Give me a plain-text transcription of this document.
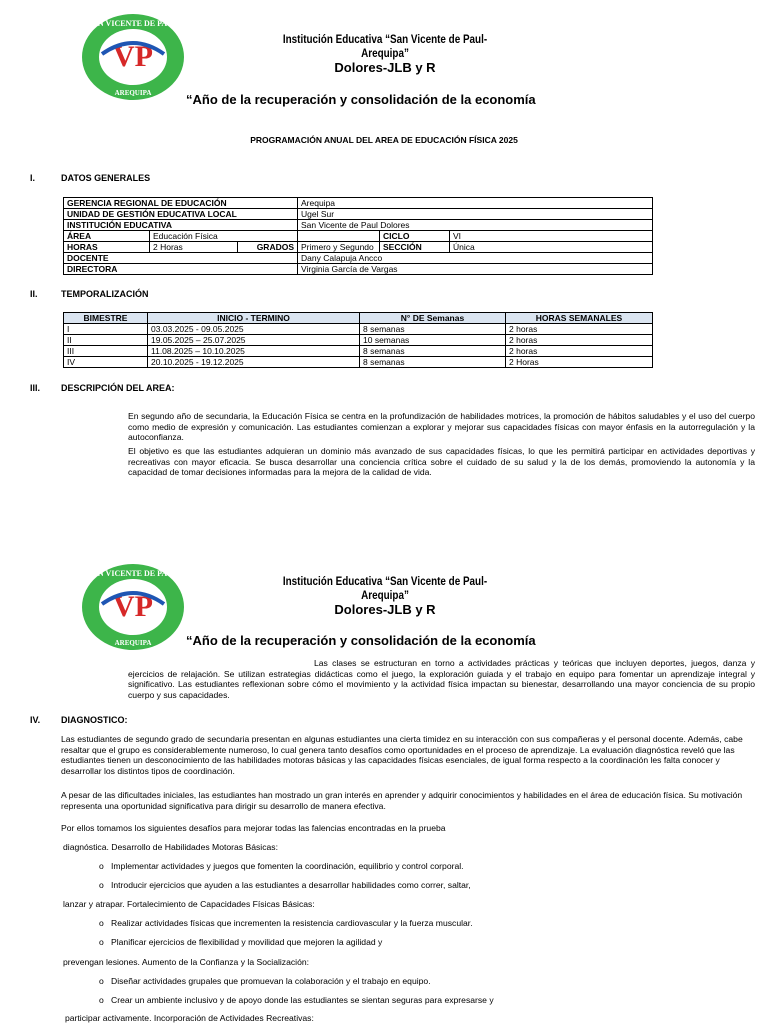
VP
SAN VICENTE DE PAUL
AREQUIPA
Institución Educativa “San Vicente de Paul-
Arequipa”
Dolores-JLB y R
“Año de la recuperación y consolidación de la economía
PROGRAMACIÓN ANUAL DEL AREA DE EDUCACIÓN FÍSICA 2025
I.	DATOS GENERALES
GERENCIA REGIONAL DE EDUCACIÓN			Arequipa		
UNIDAD DE GESTIÓN EDUCATIVA LOCAL			Ugel Sur		
INSTITUCIÓN EDUCATIVA			San Vicente de Paul Dolores		
ÁREA	Educación Física			CICLO	VI
HORAS	2 Horas	GRADOS	Primero y Segundo	SECCIÓN	Única
DOCENTE			Dany Calapuja Ancco		
DIRECTORA			Virginia García de Vargas		
II.	TEMPORALIZACIÓN
BIMESTRE	INICIO - TERMINO	N° DE Semanas	HORAS SEMANALES
I	03.03.2025 - 09.05.2025	8 semanas	2 horas
II	19.05.2025 – 25.07.2025	10 semanas	2 horas
III	11.08.2025 – 10.10.2025	8 semanas	2 horas
IV	20.10.2025 - 19.12.2025	8 semanas	2 Horas
III. DESCRIPCIÓN DEL AREA:
En segundo año de secundaria, la Educación Física se centra en la profundización de habilidades motrices, la promoción de hábitos saludables y el uso del cuerpo como medio de expresión y comunicación. Las estudiantes comienzan a explorar y mejorar sus capacidades físicas con mayor énfasis en la autorregulación y la autoconfianza.
El objetivo es que las estudiantes adquieran un dominio más avanzado de sus capacidades físicas, lo que les permitirá participar en actividades deportivas y recreativas con mayor eficacia. Se busca desarrollar una conciencia crítica sobre el cuidado de su salud y la de los demás, promoviendo la autonomía y la capacidad de tomar decisiones informadas para la mejora de la calidad de vida.
VP
SAN VICENTE DE PAUL
AREQUIPA
Institución Educativa “San Vicente de Paul-
Arequipa”
Dolores-JLB y R
“Año de la recuperación y consolidación de la economía
Las clases se estructuran en torno a actividades prácticas y teóricas que incluyen deportes, juegos, danza y ejercicios de relajación. Se utilizan estrategias didácticas como el juego, la exploración guiada y el trabajo en equipo para fomentar un aprendizaje integral y significativo. Las estudiantes reflexionan sobre cómo el movimiento y la actividad física impactan su bienestar, desarrollando una mayor conciencia de su propio cuerpo y sus capacidades.
IV. DIAGNOSTICO:
Las estudiantes de segundo grado de secundaria presentan en algunas estudiantes una cierta timidez en su interacción con sus compañeras y el personal docente. Además, cabe resaltar que el grupo es considerablemente numeroso, lo cual genera tanto desafíos como oportunidades en el proceso de aprendizaje. La evaluación diagnóstica reveló que las estudiantes tienen un desconocimiento de las habilidades motoras básicas y las capacidades físicas esenciales, de igual forma respecto a la coordinación les falta conocer y desarrollar los distintos tipos de coordinación.
A pesar de las dificultades iniciales, las estudiantes han mostrado un gran interés en aprender y adquirir conocimientos y habilidades en el área de educación física. Su motivación representa una oportunidad significativa para dirigir su desarrollo de manera efectiva.
Por ellos tomamos los siguientes desafíos para mejorar todas las falencias encontradas en la prueba
diagnóstica. Desarrollo de Habilidades Motoras Básicas:
o Implementar actividades y juegos que fomenten la coordinación, equilibrio y control corporal.
o Introducir ejercicios que ayuden a las estudiantes a desarrollar habilidades como correr, saltar,
lanzar y atrapar. Fortalecimiento de Capacidades Físicas Básicas:
o Realizar actividades físicas que incrementen la resistencia cardiovascular y la fuerza muscular.
o Planificar ejercicios de flexibilidad y movilidad que mejoren la agilidad y
prevengan lesiones. Aumento de la Confianza y la Socialización:
o Diseñar actividades grupales que promuevan la colaboración y el trabajo en equipo.
o Crear un ambiente inclusivo y de apoyo donde las estudiantes se sientan seguras para expresarse y
participar activamente. Incorporación de Actividades Recreativas:
